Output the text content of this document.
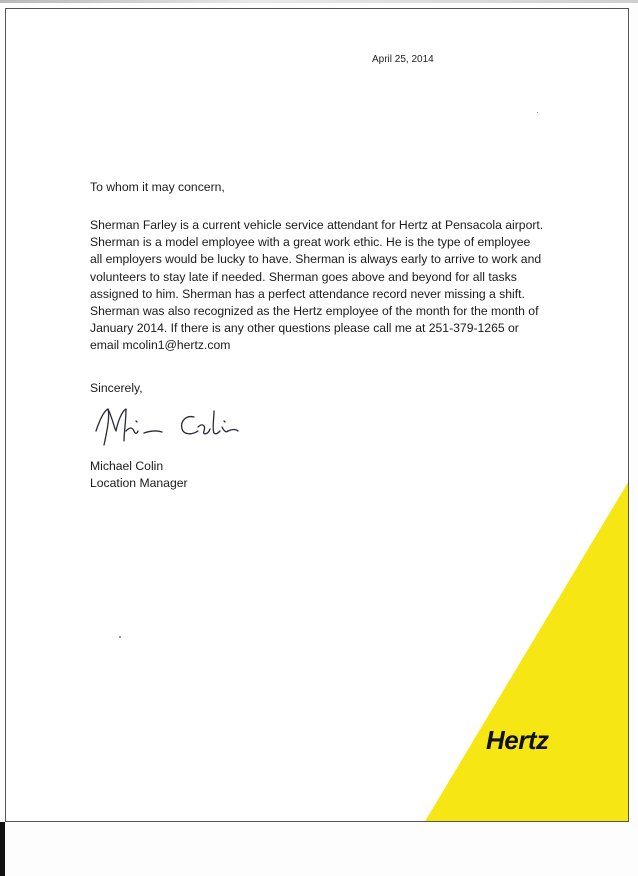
April 25, 2014
To whom it may concern,
Sherman Farley is a current vehicle service attendant for Hertz at Pensacola airport.
Sherman is a model employee with a great work ethic. He is the type of employee
all employers would be lucky to have. Sherman is always early to arrive to work and
volunteers to stay late if needed. Sherman goes above and beyond for all tasks
assigned to him. Sherman has a perfect attendance record never missing a shift.
Sherman was also recognized as the Hertz employee of the month for the month of
January 2014. If there is any other questions please call me at 251-379-1265 or
email mcolin1@hertz.com
Sincerely,
Michael Colin
Location Manager
Hertz
